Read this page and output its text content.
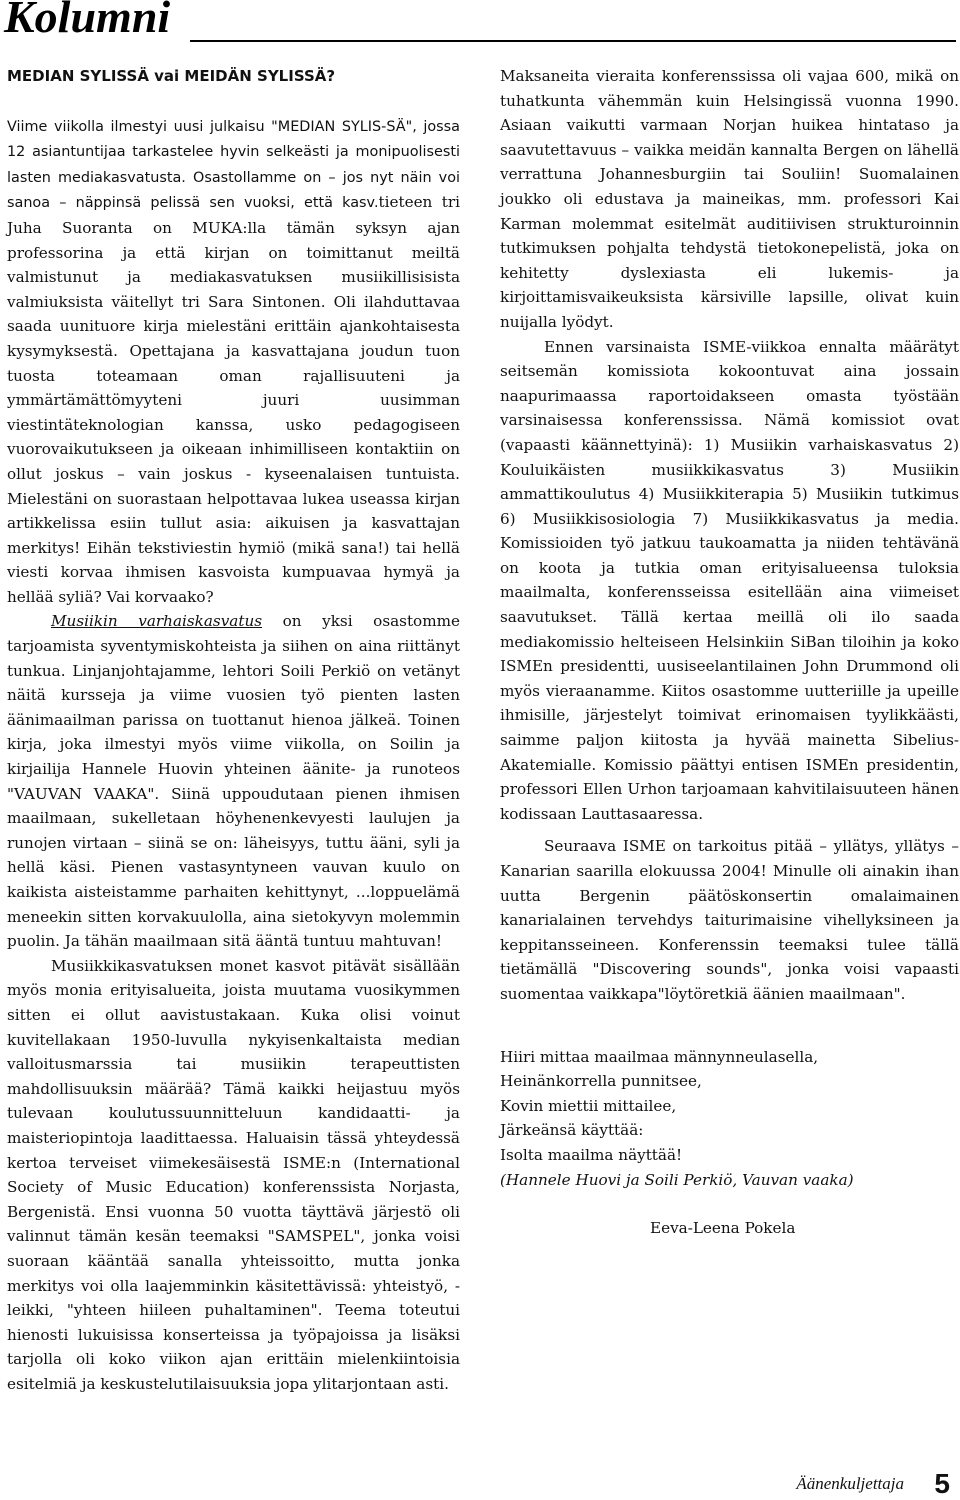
Kolumni

MEDIAN SYLISSÄ vai MEIDÄN SYLISSÄ?

Viime viikolla ilmestyi uusi julkaisu "MEDIAN SYLIS-SÄ", jossa 12 asiantuntijaa tarkastelee hyvin selkeästi ja monipuolisesti lasten mediakasvatusta. Osastollamme on – jos nyt näin voi sanoa – näppinsä pelissä sen vuoksi, että kasv.tieteen tri Juha Suoranta on MUKA:lla tämän syksyn ajan professorina ja että kirjan on toimittanut meiltä valmistunut ja mediakasvatuksen musiikillisisista valmiuksista väitellyt tri Sara Sintonen. Oli ilahduttavaa saada uunituore kirja mielestäni erittäin ajankohtaisesta kysymyksestä. Opettajana ja kasvattajana joudun tuon tuosta toteamaan oman rajallisuuteni ja ymmärtämättömyyteni juuri uusimman viestintäteknologian kanssa, usko pedagogiseen vuorovaikutukseen ja oikeaan inhimilliseen kontaktiin on ollut joskus – vain joskus - kyseenalaisen tuntuista. Mielestäni on suorastaan helpottavaa lukea useassa kirjan artikkelissa esiin tullut asia: aikuisen ja kasvattajan merkitys! Eihän tekstiviestin hymiö (mikä sana!) tai hellä viesti korvaa ihmisen kasvoista kumpuavaa hymyä ja hellää syliä? Vai korvaako?

Musiikin varhaiskasvatus on yksi osastomme tarjoamista syventymiskohteista ja siihen on aina riittänyt tunkua. Linjanjohtajamme, lehtori Soili Perkiö on vetänyt näitä kursseja ja viime vuosien työ pienten lasten äänimaailman parissa on tuottanut hienoa jälkeä. Toinen kirja, joka ilmestyi myös viime viikolla, on Soilin ja kirjailija Hannele Huovin yhteinen äänite- ja runoteos "VAUVAN VAAKA". Siinä uppoudutaan pienen ihmisen maailmaan, sukelletaan höyhenenkevyesti laulujen ja runojen virtaan – siinä se on: läheisyys, tuttu ääni, syli ja hellä käsi. Pienen vastasyntyneen vauvan kuulo on kaikista aisteistamme parhaiten kehittynyt, ...loppuelämä meneekin sitten korvakuulolla, aina sietokyvyn molemmin puolin. Ja tähän maailmaan sitä ääntä tuntuu mahtuvan!

Musiikkikasvatuksen monet kasvot pitävät sisällään myös monia erityisalueita, joista muutama vuosikymmen sitten ei ollut aavistustakaan. Kuka olisi voinut kuvitellakaan 1950-luvulla nykyisenkaltaista median valloitusmarssia tai musiikin terapeuttisten mahdollisuuksin määrää? Tämä kaikki heijastuu myös tulevaan koulutussuunnitteluun kandidaatti- ja maisteriopintoja laadittaessa. Haluaisin tässä yhteydessä kertoa terveiset viimekesäisestä ISME:n (International Society of Music Education) konferenssista Norjasta, Bergenistä. Ensi vuonna 50 vuotta täyttävä järjestö oli valinnut tämän kesän teemaksi "SAMSPEL", jonka voisi suoraan kääntää sanalla yhteissoitto, mutta jonka merkitys voi olla laajemminkin käsitettävissä: yhteistyö, -leikki, "yhteen hiileen puhaltaminen". Teema toteutui hienosti lukuisissa konserteissa ja työpajoissa ja lisäksi tarjolla oli koko viikon ajan erittäin mielenkiintoisia esitelmiä ja keskustelutilaisuuksia jopa ylitarjontaan asti.

Maksaneita vieraita konferenssissa oli vajaa 600, mikä on tuhatkunta vähemmän kuin Helsingissä vuonna 1990. Asiaan vaikutti varmaan Norjan huikea hintataso ja saavutettavuus – vaikka meidän kannalta Bergen on lähellä verrattuna Johannesburgiin tai Souliin! Suomalainen joukko oli edustava ja maineikas, mm. professori Kai Karman molemmat esitelmät auditiivisen strukturoinnin tutkimuksen pohjalta tehdystä tietokonepelistä, joka on kehitetty dyslexiasta eli lukemis- ja kirjoittamisvaikeuksista kärsiville lapsille, olivat kuin nuijalla lyödyt.

Ennen varsinaista ISME-viikkoa ennalta määrätyt seitsemän komissiota kokoontuvat aina jossain naapurimaassa raportoidakseen omasta työstään varsinaisessa konferenssissa. Nämä komissiot ovat (vapaasti käännettyinä): 1) Musiikin varhaiskasvatus 2) Kouluikäisten musiikkikasvatus 3) Musiikin ammattikoulutus 4) Musiikkiterapia 5) Musiikin tutkimus 6) Musiikkisosiologia 7) Musiikkikasvatus ja media. Komissioiden työ jatkuu taukoamatta ja niiden tehtävänä on koota ja tutkia oman erityisalueensa tuloksia maailmalta, konferensseissa esitellään aina viimeiset saavutukset. Tällä kertaa meillä oli ilo saada mediakomissio helteiseen Helsinkiin SiBan tiloihin ja koko ISMEn presidentti, uusiseelantilainen John Drummond oli myös vieraanamme. Kiitos osastomme uutteriille ja upeille ihmisille, järjestelyt toimivat erinomaisen tyylikkäästi, saimme paljon kiitosta ja hyvää mainetta Sibelius-Akatemialle. Komissio päättyi entisen ISMEn presidentin, professori Ellen Urhon tarjoamaan kahvitilaisuuteen hänen kodissaan Lauttasaaressa.

Seuraava ISME on tarkoitus pitää – yllätys, yllätys – Kanarian saarilla elokuussa 2004! Minulle oli ainakin ihan uutta Bergenin päätöskonsertin omalaimainen kanarialainen tervehdys taiturimaisine vihellyksineen ja keppitansseineen. Konferenssin teemaksi tulee tällä tietämällä "Discovering sounds", jonka voisi vapaasti suomentaa vaikkapa"löytöretkiä äänien maailmaan".

Hiiri mittaa maailmaa männynneulasella,
Heinänkorrella punnitsee,
Kovin miettii mittailee,
Järkeänsä käyttää:
Isolta maailma näyttää!
(Hannele Huovi ja Soili Perkiö, Vauvan vaaka)
Eeva-Leena Pokela
Äänenkuljettaja 5
